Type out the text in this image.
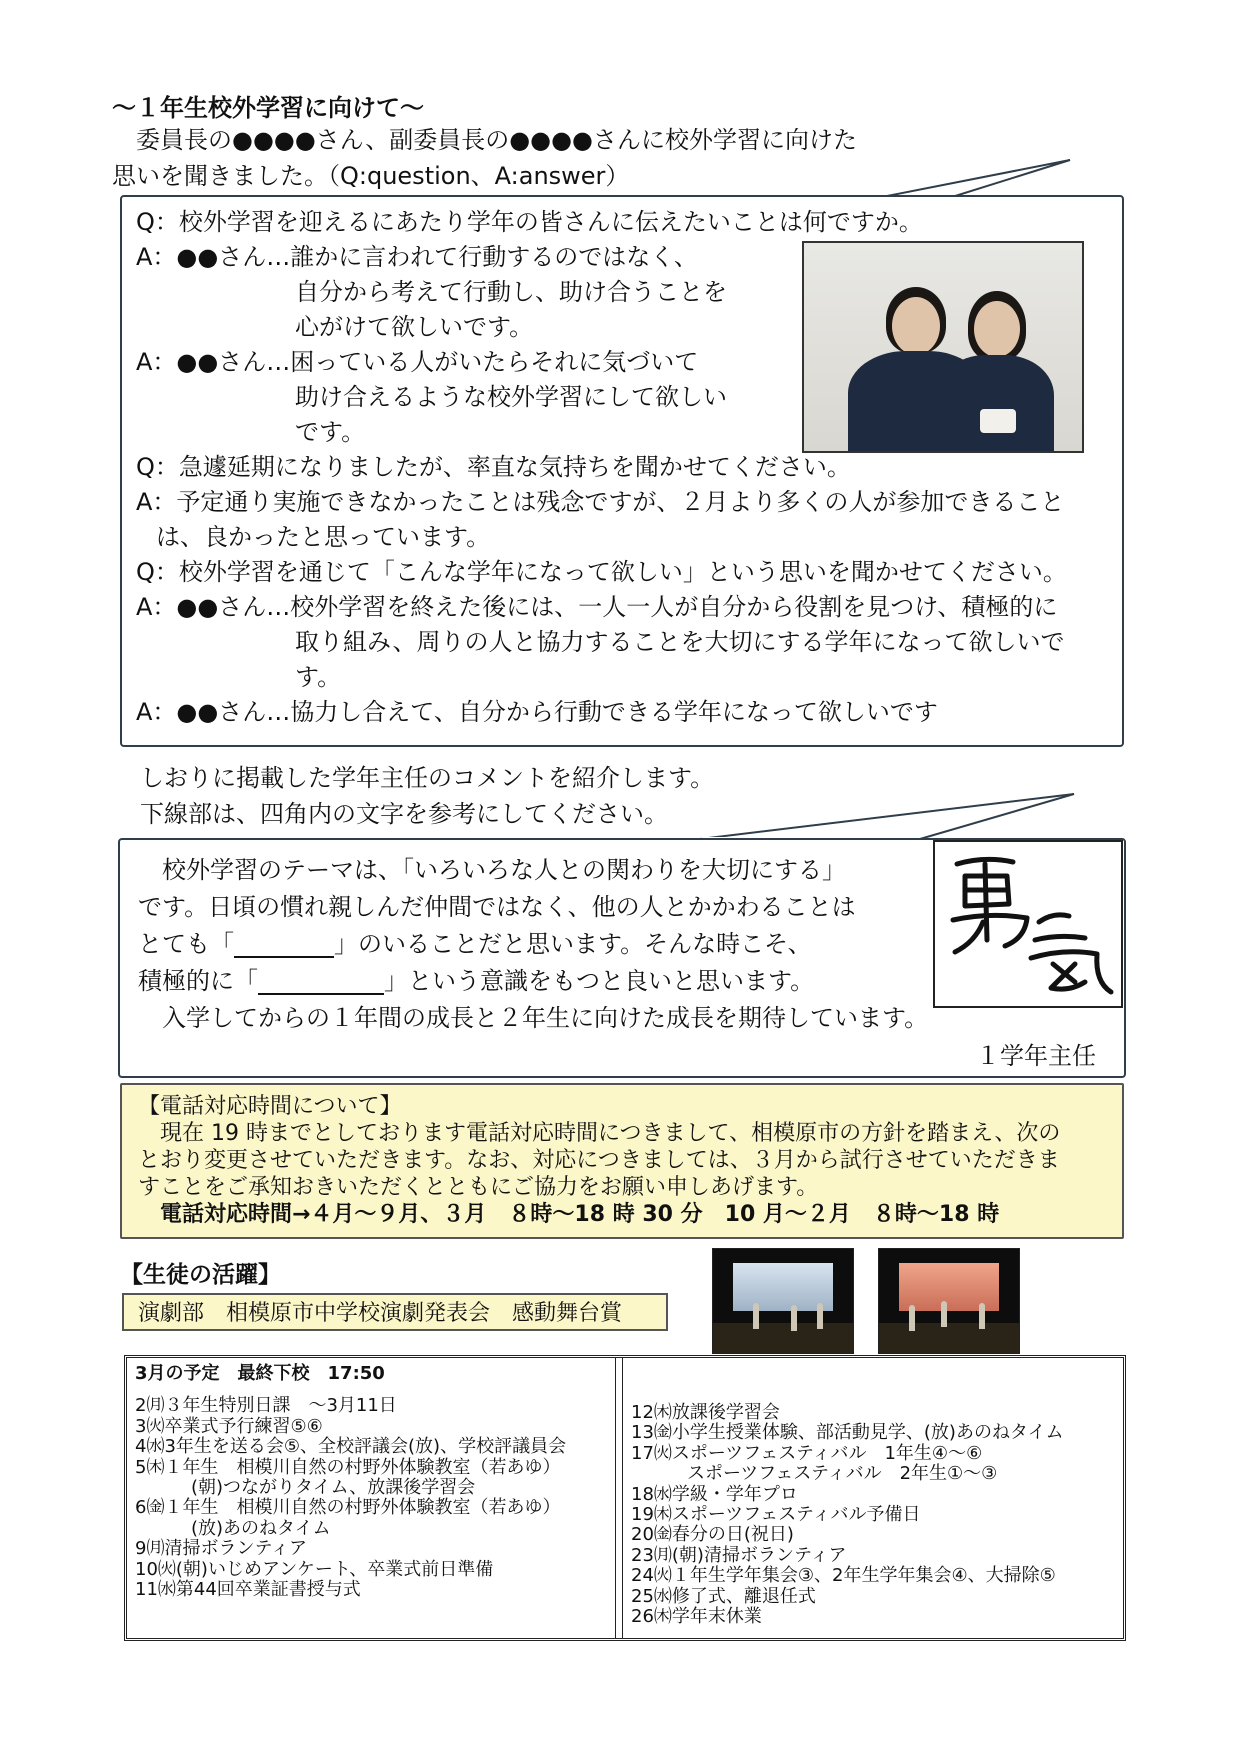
～１年生校外学習に向けて～
委員長の●●●●さん、副委員長の●●●●さんに校外学習に向けた
思いを聞きました。（Q:question、A:answer）
Q：校外学習を迎えるにあたり学年の皆さんに伝えたいことは何ですか。
A：●●さん…誰かに言われて行動するのではなく、
自分から考えて行動し、助け合うことを
心がけて欲しいです。
A：●●さん…困っている人がいたらそれに気づいて
助け合えるような校外学習にして欲しい
です。
Q：急遽延期になりましたが、率直な気持ちを聞かせてください。
A：予定通り実施できなかったことは残念ですが、２月より多くの人が参加できること
は、良かったと思っています。
Q：校外学習を通じて「こんな学年になって欲しい」という思いを聞かせてください。
A：●●さん…校外学習を終えた後には、一人一人が自分から役割を見つけ、積極的に
取り組み、周りの人と協力することを大切にする学年になって欲しいで
す。
A：●●さん…協力し合えて、自分から行動できる学年になって欲しいです
しおりに掲載した学年主任のコメントを紹介します。
下線部は、四角内の文字を参考にしてください。
校外学習のテーマは、「いろいろな人との関わりを大切にする」
です。日頃の慣れ親しんだ仲間ではなく、他の人とかかわることは
とても「	」のいることだと思います。そんな時こそ、
積極的に「	」という意識をもつと良いと思います。
入学してからの１年間の成長と２年生に向けた成長を期待しています。
１学年主任
【電話対応時間について】
現在 19 時までとしております電話対応時間につきまして、相模原市の方針を踏まえ、次の
とおり変更させていただきます。なお、対応につきましては、３月から試行させていただきま
すことをご承知おきいただくとともにご協力をお願い申しあげます。
電話対応時間→４月～９月、３月　８時～18 時 30 分　10 月～２月　８時～18 時
【生徒の活躍】
演劇部　相模原市中学校演劇発表会　感動舞台賞
3月の予定　最終下校　17:50
2㈪３年生特別日課　～3月11日
3㈫卒業式予行練習⑤⑥
4㈬3年生を送る会⑤、全校評議会(放)、学校評議員会
5㈭１年生　相模川自然の村野外体験教室（若あゆ）
(朝)つながりタイム、放課後学習会
6㈮１年生　相模川自然の村野外体験教室（若あゆ）
(放)あのねタイム
9㈪清掃ボランティア
10㈫(朝)いじめアンケート、卒業式前日準備
11㈬第44回卒業証書授与式
12㈭放課後学習会
13㈮小学生授業体験、部活動見学、(放)あのねタイム
17㈫スポーツフェスティバル　1年生④～⑥
スポーツフェスティバル　2年生①～③
18㈬学級・学年プロ
19㈭スポーツフェスティバル予備日
20㈮春分の日(祝日)
23㈪(朝)清掃ボランティア
24㈫１年生学年集会③、2年生学年集会④、大掃除⑤
25㈬修了式、離退任式
26㈭学年末休業
